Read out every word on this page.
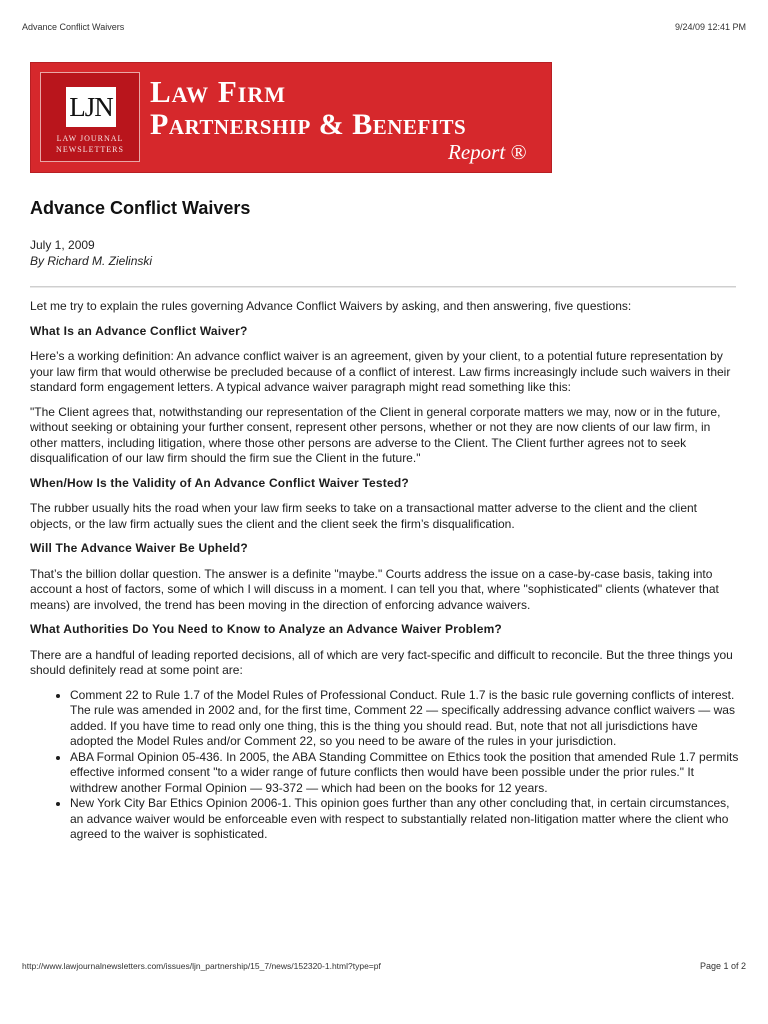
Advance Conflict Waivers	9/24/09 12:41 PM
LJN
LAW JOURNAL
NEWSLETTERS
Law Firm
Partnership & Benefits
Report ®
Advance Conflict Waivers
July 1, 2009
By Richard M. Zielinski

Let me try to explain the rules governing Advance Conflict Waivers by asking, and then answering, five questions:

What Is an Advance Conflict Waiver?

Here’s a working definition: An advance conflict waiver is an agreement, given by your client, to a potential future representation by your law firm that would otherwise be precluded because of a conflict of interest. Law firms increasingly include such waivers in their standard form engagement letters. A typical advance waiver paragraph might read something like this:

"The Client agrees that, notwithstanding our representation of the Client in general corporate matters we may, now or in the future, without seeking or obtaining your further consent, represent other persons, whether or not they are now clients of our law firm, in other matters, including litigation, where those other persons are adverse to the Client. The Client further agrees not to seek disqualification of our law firm should the firm sue the Client in the future."

When/How Is the Validity of An Advance Conflict Waiver Tested?

The rubber usually hits the road when your law firm seeks to take on a transactional matter adverse to the client and the client objects, or the law firm actually sues the client and the client seek the firm’s disqualification.

Will The Advance Waiver Be Upheld?

That’s the billion dollar question. The answer is a definite "maybe." Courts address the issue on a case-by-case basis, taking into account a host of factors, some of which I will discuss in a moment. I can tell you that, where "sophisticated" clients (whatever that means) are involved, the trend has been moving in the direction of enforcing advance waivers.

What Authorities Do You Need to Know to Analyze an Advance Waiver Problem?

There are a handful of leading reported decisions, all of which are very fact-specific and difficult to reconcile. But the three things you should definitely read at some point are:

• Comment 22 to Rule 1.7 of the Model Rules of Professional Conduct. Rule 1.7 is the basic rule governing conflicts of interest. The rule was amended in 2002 and, for the first time, Comment 22 — specifically addressing advance conflict waivers — was added. If you have time to read only one thing, this is the thing you should read. But, note that not all jurisdictions have adopted the Model Rules and/or Comment 22, so you need to be aware of the rules in your jurisdiction.
• ABA Formal Opinion 05-436. In 2005, the ABA Standing Committee on Ethics took the position that amended Rule 1.7 permits effective informed consent "to a wider range of future conflicts then would have been possible under the prior rules." It withdrew another Formal Opinion — 93-372 — which had been on the books for 12 years.
• New York City Bar Ethics Opinion 2006-1. This opinion goes further than any other concluding that, in certain circumstances, an advance waiver would be enforceable even with respect to substantially related non-litigation matter where the client who agreed to the waiver is sophisticated.
http://www.lawjournalnewsletters.com/issues/ljn_partnership/15_7/news/152320-1.html?type=pf	Page 1 of 2
